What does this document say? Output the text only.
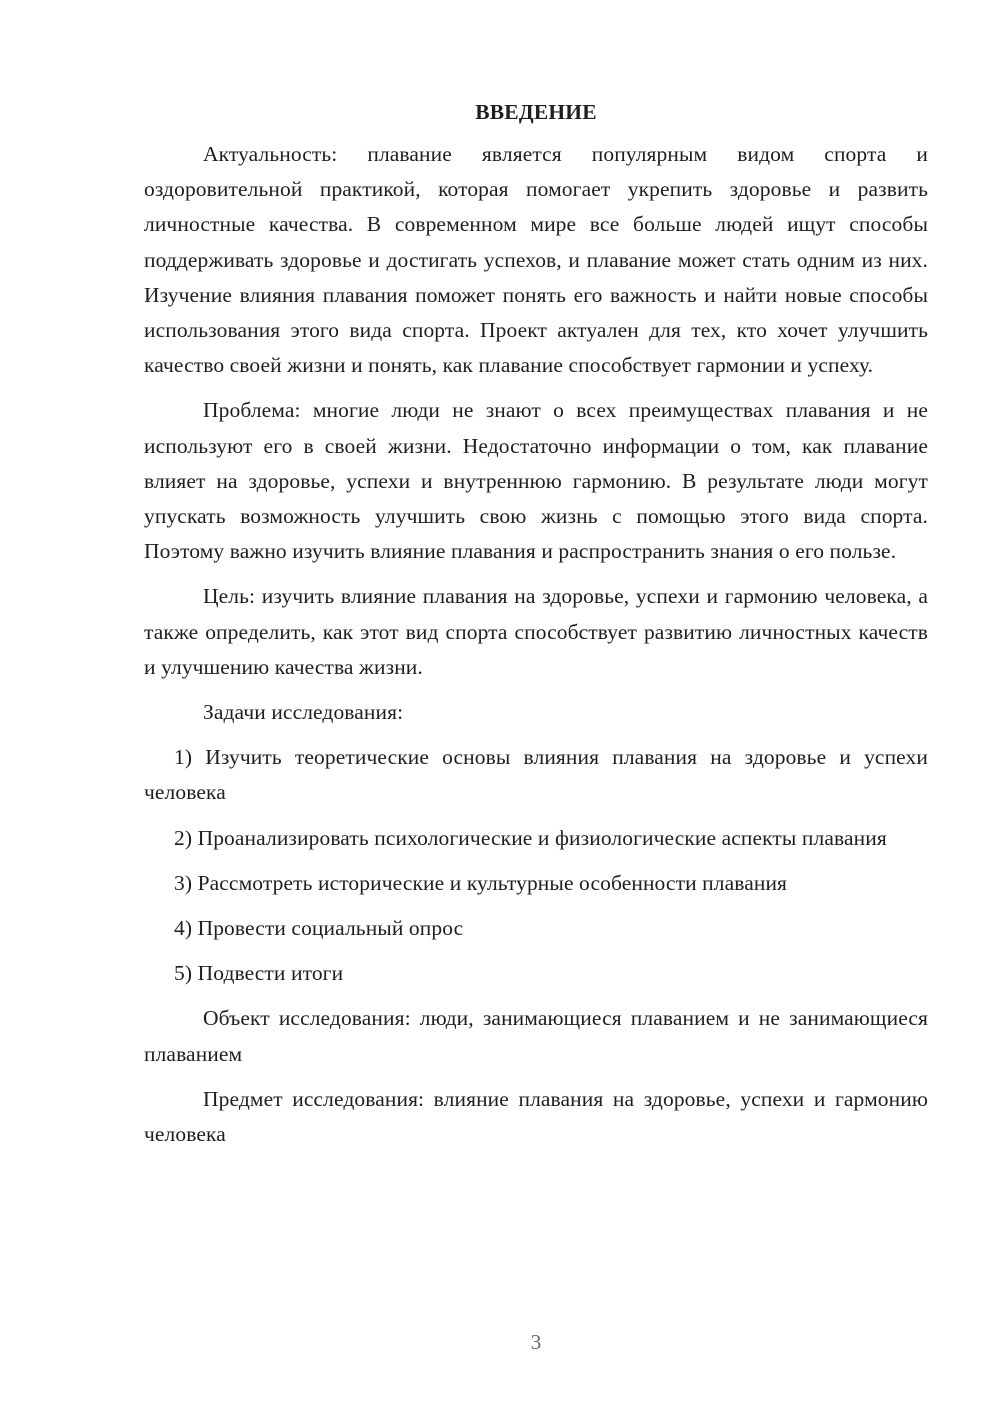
ВВЕДЕНИЕ

Актуальность: плавание является популярным видом спорта и оздоровительной практикой, которая помогает укрепить здоровье и развить личностные качества. В современном мире все больше людей ищут способы поддерживать здоровье и достигать успехов, и плавание может стать одним из них. Изучение влияния плавания поможет понять его важность и найти новые способы использования этого вида спорта. Проект актуален для тех, кто хочет улучшить качество своей жизни и понять, как плавание способствует гармонии и успеху.

Проблема: многие люди не знают о всех преимуществах плавания и не используют его в своей жизни. Недостаточно информации о том, как плавание влияет на здоровье, успехи и внутреннюю гармонию. В результате люди могут упускать возможность улучшить свою жизнь с помощью этого вида спорта. Поэтому важно изучить влияние плавания и распространить знания о его пользе.

Цель: изучить влияние плавания на здоровье, успехи и гармонию человека, а также определить, как этот вид спорта способствует развитию личностных качеств и улучшению качества жизни.

Задачи исследования:

1) Изучить теоретические основы влияния плавания на здоровье и успехи человека

2) Проанализировать психологические и физиологические аспекты плавания

3) Рассмотреть исторические и культурные особенности плавания

4) Провести социальный опрос

5) Подвести итоги

Объект исследования: люди, занимающиеся плаванием и не занимающиеся плаванием

Предмет исследования: влияние плавания на здоровье, успехи и гармонию человека

3
